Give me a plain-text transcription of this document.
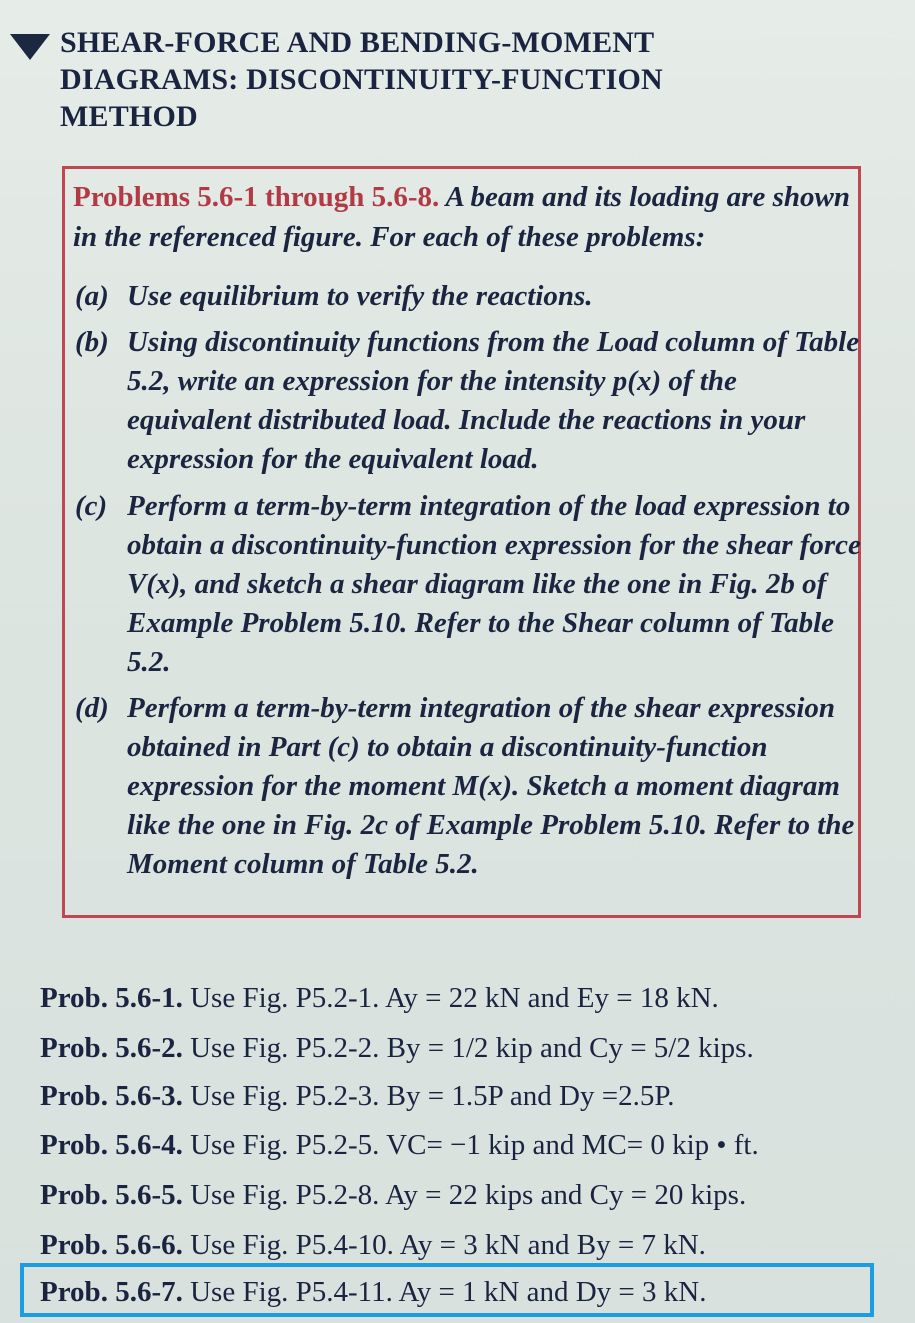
SHEAR-FORCE AND BENDING-MOMENT
DIAGRAMS: DISCONTINUITY-FUNCTION
METHOD
Problems 5.6-1 through 5.6-8. A beam and its loading are shown in the referenced figure. For each of these problems:
(a) Use equilibrium to verify the reactions.
(b) Using discontinuity functions from the Load column of Table 5.2, write an expression for the intensity p(x) of the equivalent distributed load. Include the reactions in your expression for the equivalent load.
(c) Perform a term-by-term integration of the load expression to obtain a discontinuity-function expression for the shear force V(x), and sketch a shear diagram like the one in Fig. 2b of Example Problem 5.10. Refer to the Shear column of Table 5.2.
(d) Perform a term-by-term integration of the shear expression obtained in Part (c) to obtain a discontinuity-function expression for the moment M(x). Sketch a moment diagram like the one in Fig. 2c of Example Problem 5.10. Refer to the Moment column of Table 5.2.
Prob. 5.6-1. Use Fig. P5.2-1. Ay = 22 kN and Ey = 18 kN.
Prob. 5.6-2. Use Fig. P5.2-2. By = 1/2 kip and Cy = 5/2 kips.
Prob. 5.6-3. Use Fig. P5.2-3. By = 1.5P and Dy =2.5P.
Prob. 5.6-4. Use Fig. P5.2-5. VC= −1 kip and MC= 0 kip • ft.
Prob. 5.6-5. Use Fig. P5.2-8. Ay = 22 kips and Cy = 20 kips.
Prob. 5.6-6. Use Fig. P5.4-10. Ay = 3 kN and By = 7 kN.
Prob. 5.6-7. Use Fig. P5.4-11. Ay = 1 kN and Dy = 3 kN.
